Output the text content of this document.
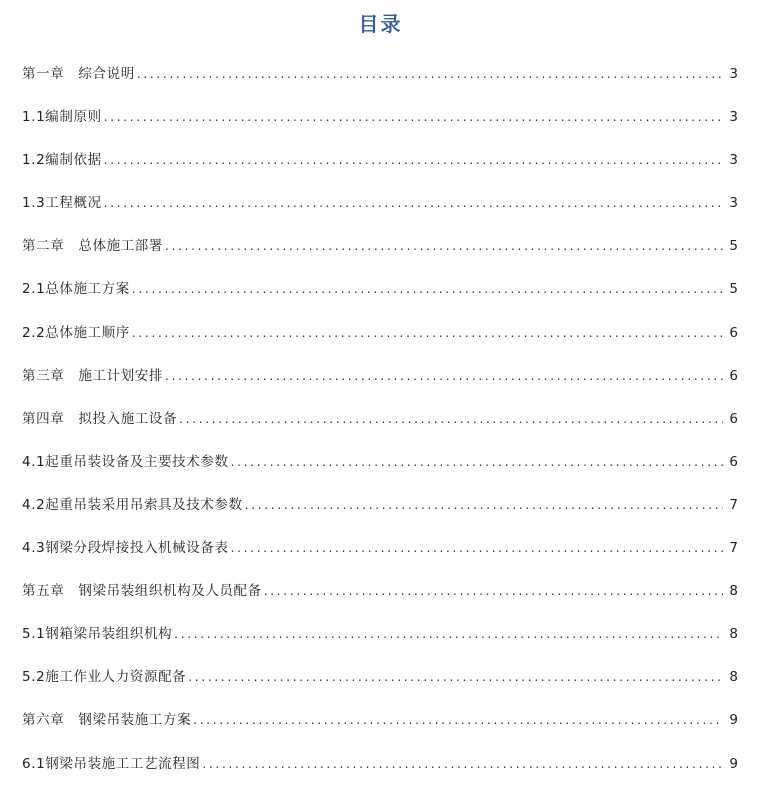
目录
第一章　综合说明 . . .	3
1.1编制原则 . . .	3
1.2编制依据 . . .	3
1.3工程概况 . . .	3
第二章　总体施工部署 . . .	5
2.1总体施工方案 . . .	5
2.2总体施工顺序 . . .	6
第三章　施工计划安排 . . .	6
第四章　拟投入施工设备 . . .	6
4.1起重吊装设备及主要技术参数 . . .	6
4.2起重吊装采用吊索具及技术参数 . . .	7
4.3钢梁分段焊接投入机械设备表 . . .	7
第五章　钢梁吊装组织机构及人员配备 . . .	8
5.1钢箱梁吊装组织机构 . . .	8
5.2施工作业人力资源配备 . . .	8
第六章　钢梁吊装施工方案 . . .	9
6.1钢梁吊装施工工艺流程图 . . .	9
